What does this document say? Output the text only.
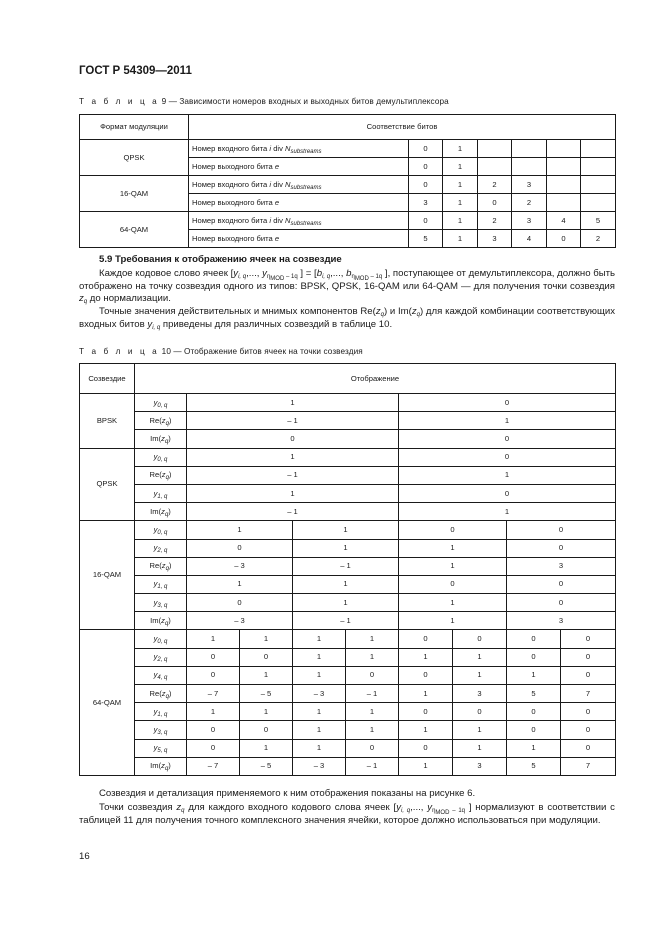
ГОСТ Р 54309—2011
Т а б л и ц а 9 — Зависимости номеров входных и выходных битов демультиплексора
Формат модуляции	Соответствие битов						
QPSK	Номер входного бита i div $N_{substreams}$	0	1				
	Номер выходного бита e	0	1				
16-QAM	Номер входного бита i div $N_{substreams}$	0	1	2	3		
	Номер выходного бита e	3	1	0	2		
64-QAM	Номер входного бита i div $N_{substreams}$	0	1	2	3	4	5
	Номер выходного бита e	5	1	3	4	0	2
5.9 Требования к отображению ячеек на созвездие
Каждое кодовое слово ячеек [$y_{i, q}$,..., $y_{\eta_{MOD} - 1q}$ ] = [$b_{i, q}$,..., $b_{\eta_{MOD} - 1q}$ ], поступающее от демультиплексора, должно быть отображено на точку созвездия одного из типов: BPSK, QPSK, 16-QAM или 64-QAM — для получения точки созвездия $z_q$ до нормализации.
Точные значения действительных и мнимых компонентов $Re(z_q)$ и $Im(z_q)$ для каждой комбинации соответствующих входных битов $y_{i, q}$ приведены для различных созвездий в таблице 10.
Т а б л и ц а 10 — Отображение битов ячеек на точки созвездия
Созвездие	Отображение								
BPSK	$y_{0, q}$	1				0			
	$Re(z_q)$	– 1				1			
	$Im(z_q)$	0				0			
QPSK	$y_{0, q}$	1				0			
	$Re(z_q)$	– 1				1			
	$y_{1, q}$	1				0			
	$Im(z_q)$	– 1				1			
16-QAM	$y_{0, q}$	1		1		0		0	
	$y_{2, q}$	0		1		1		0	
	$Re(z_q)$	– 3		– 1		1		3	
	$y_{1, q}$	1		1		0		0	
	$y_{3, q}$	0		1		1		0	
	$Im(z_q)$	– 3		– 1		1		3	
64-QAM	$y_{0, q}$	1	1	1	1	0	0	0	0
	$y_{2, q}$	0	0	1	1	1	1	0	0
	$y_{4, q}$	0	1	1	0	0	1	1	0
	$Re(z_q)$	– 7	– 5	– 3	– 1	1	3	5	7
	$y_{1, q}$	1	1	1	1	0	0	0	0
	$y_{3, q}$	0	0	1	1	1	1	0	0
	$y_{5, q}$	0	1	1	0	0	1	1	0
	$Im(z_q)$	– 7	– 5	– 3	– 1	1	3	5	7
Созвездия и детализация применяемого к ним отображения показаны на рисунке 6.
Точки созвездия $z_q$ для каждого входного кодового слова ячеек [$y_{i, q}$,..., $y_{\eta_{MOD} - 1q}$ ] нормализуют в соответствии с таблицей 11 для получения точного комплексного значения ячейки, которое должно использоваться при модуляции.
16
